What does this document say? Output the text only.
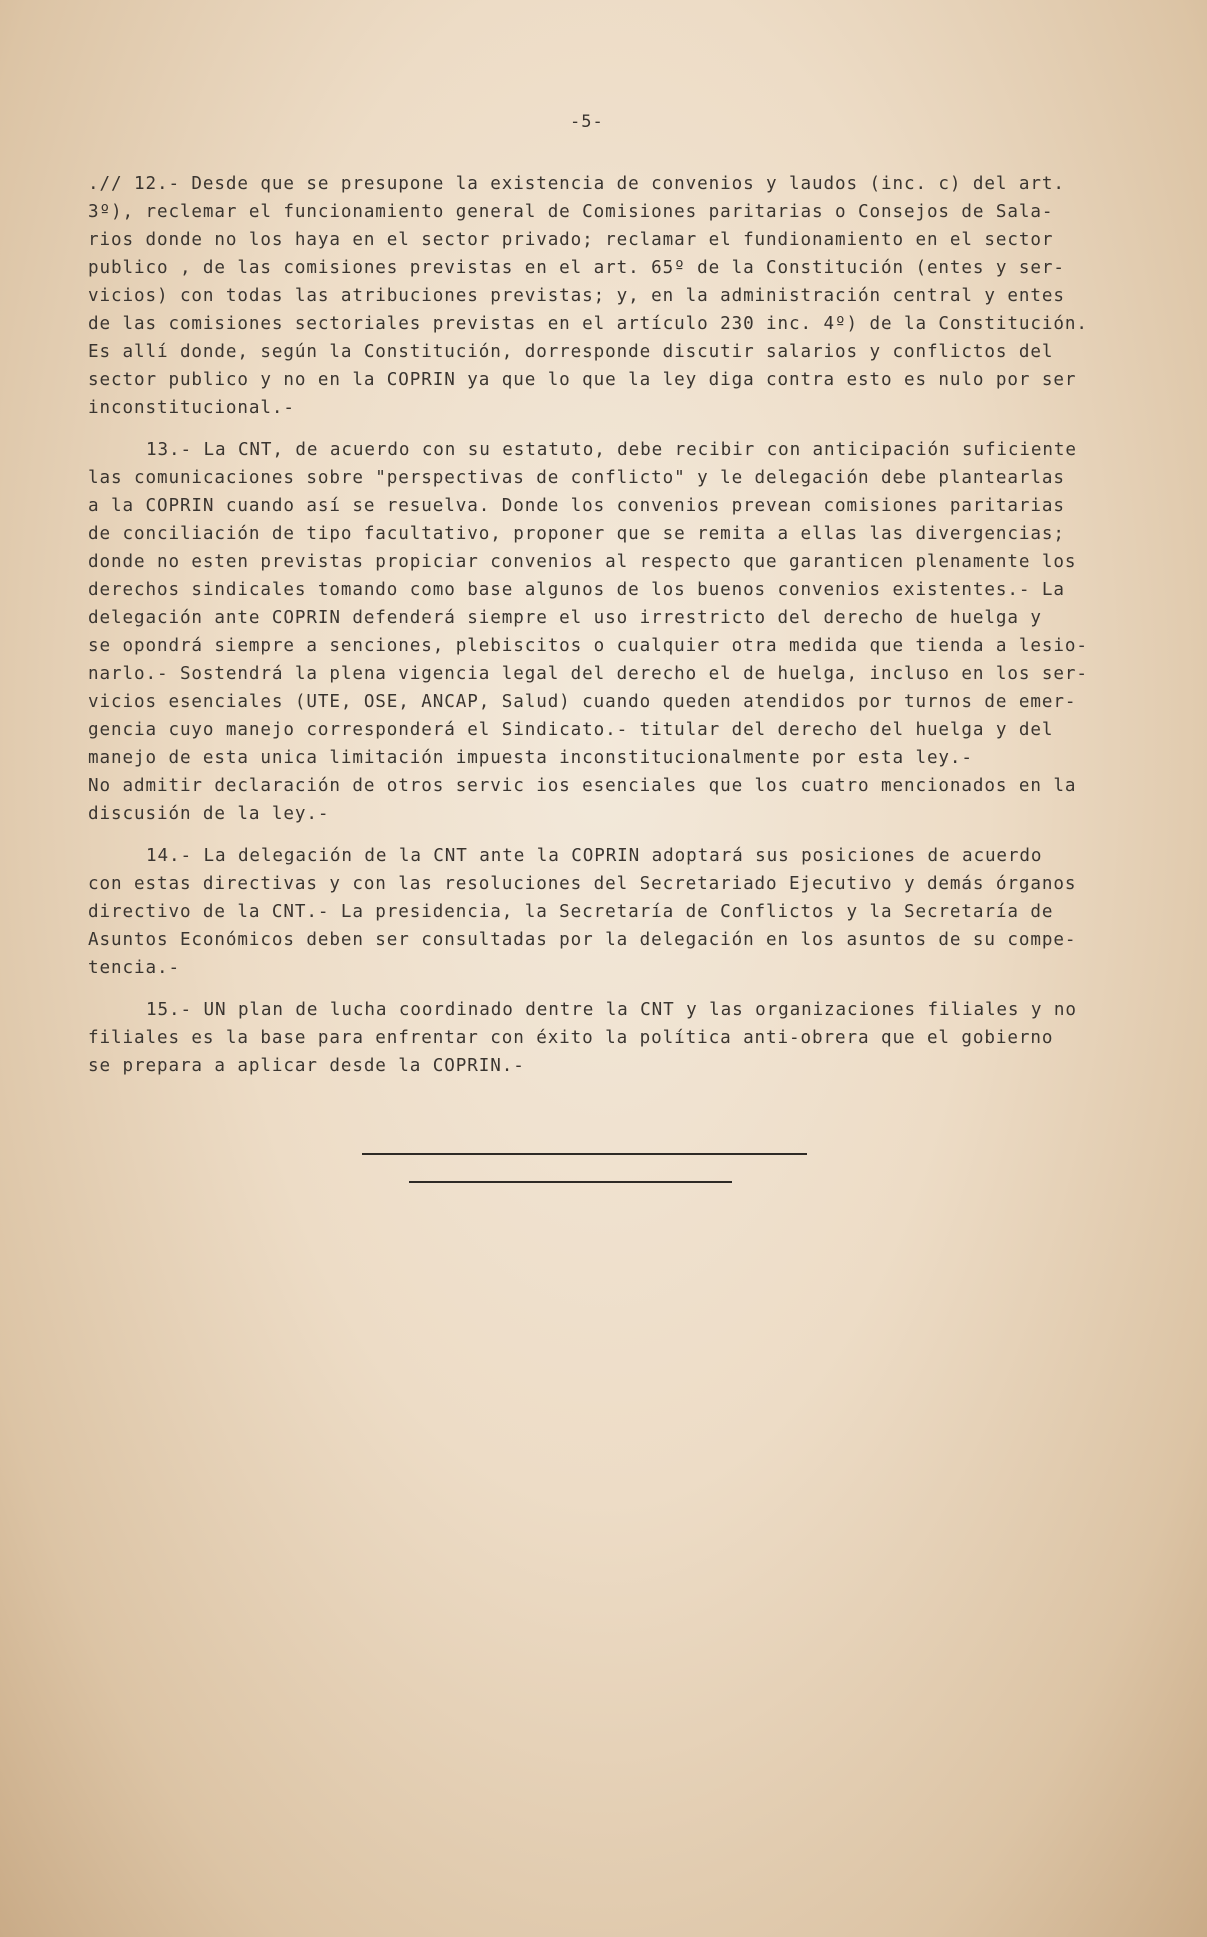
-5-
.// 12.- Desde que se presupone la existencia de convenios y laudos (inc. c) del art.
3º), reclemar el funcionamiento general de Comisiones paritarias o Consejos de Sala-
rios donde no los haya en el sector privado; reclamar el fundionamiento en el sector
publico , de las comisiones previstas en el art. 65º de la Constitución (entes y ser-
vicios) con todas las atribuciones previstas; y, en la administración central y entes
de las comisiones sectoriales previstas en el artículo 230 inc. 4º) de la Constitución.
Es allí donde, según la Constitución, dorresponde discutir salarios y conflictos del
sector publico y no en la COPRIN ya que lo que la ley diga contra esto es nulo por ser
inconstitucional.-
13.- La CNT, de acuerdo con su estatuto, debe recibir con anticipación suficiente
las comunicaciones sobre "perspectivas de conflicto" y le delegación debe plantearlas
a la COPRIN cuando así se resuelva. Donde los convenios prevean comisiones paritarias
de conciliación de tipo facultativo, proponer que se remita a ellas las divergencias;
donde no esten previstas propiciar convenios al respecto que garanticen plenamente los
derechos sindicales tomando como base algunos de los buenos convenios existentes.- La
delegación ante COPRIN defenderá siempre el uso irrestricto del derecho de huelga y
se opondrá siempre a senciones, plebiscitos o cualquier otra medida que tienda a lesio-
narlo.- Sostendrá la plena vigencia legal del derecho el de huelga, incluso en los ser-
vicios esenciales (UTE, OSE, ANCAP, Salud) cuando queden atendidos por turnos de emer-
gencia cuyo manejo corresponderá el Sindicato.- titular del derecho del huelga y del
manejo de esta unica limitación impuesta inconstitucionalmente por esta ley.-
No admitir declaración de otros servic ios esenciales que los cuatro mencionados en la
discusión de la ley.-
14.- La delegación de la CNT ante la COPRIN adoptará sus posiciones de acuerdo
con estas directivas y con las resoluciones del Secretariado Ejecutivo y demás órganos
directivo de la CNT.- La presidencia, la Secretaría de Conflictos y la Secretaría de
Asuntos Económicos deben ser consultadas por la delegación en los asuntos de su compe-
tencia.-
15.- UN plan de lucha coordinado dentre la CNT y las organizaciones filiales y no
filiales es la base para enfrentar con éxito la política anti-obrera que el gobierno
se prepara a aplicar desde la COPRIN.-
